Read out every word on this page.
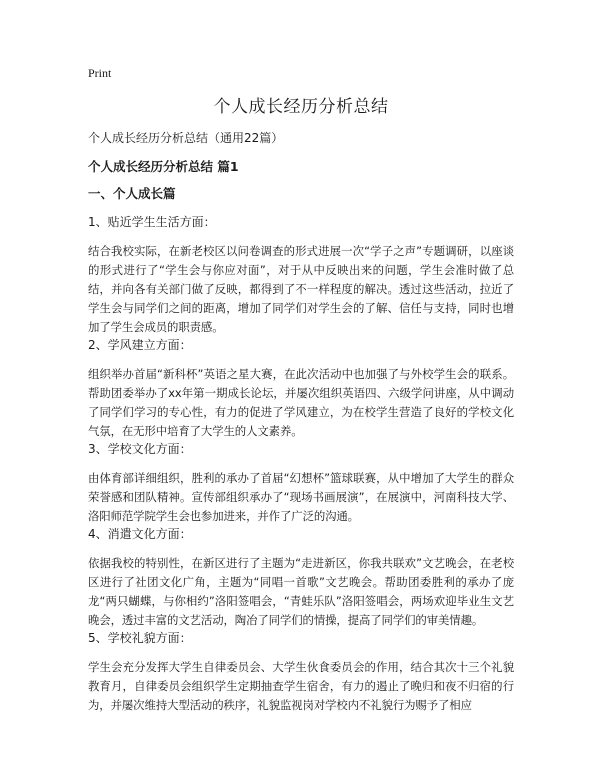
Print
个人成长经历分析总结
个人成长经历分析总结（通用22篇）
个人成长经历分析总结 篇1
一、个人成长篇
1、贴近学生生活方面：
结合我校实际，在新老校区以问卷调查的形式进展一次“学子之声”专题调研，以座谈的形式进行了“学生会与你应对面”，对于从中反映出来的问题，学生会准时做了总结，并向各有关部门做了反映，都得到了不一样程度的解决。透过这些活动，拉近了学生会与同学们之间的距离，增加了同学们对学生会的了解、信任与支持，同时也增加了学生会成员的职责感。
2、学风建立方面：
组织举办首届“新科杯”英语之星大赛，在此次活动中也加强了与外校学生会的联系。帮助团委举办了xx年第一期成长论坛，并屡次组织英语四、六级学问讲座，从中调动了同学们学习的专心性，有力的促进了学风建立，为在校学生营造了良好的学校文化气氛，在无形中培育了大学生的人文素养。
3、学校文化方面：
由体育部详细组织，胜利的承办了首届“幻想杯”篮球联赛，从中增加了大学生的群众荣誉感和团队精神。宣传部组织承办了“现场书画展演”，在展演中，河南科技大学、洛阳师范学院学生会也参加进来，并作了广泛的沟通。
4、消遣文化方面：
依据我校的特别性，在新区进行了主题为“走进新区，你我共联欢”文艺晚会，在老校区进行了社团文化广角，主题为“同唱一首歌”文艺晚会。帮助团委胜利的承办了庞龙“两只蝴蝶，与你相约”洛阳签唱会，“青蛙乐队”洛阳签唱会，两场欢迎毕业生文艺晚会，透过丰富的文艺活动，陶冶了同学们的情操，提高了同学们的审美情趣。
5、学校礼貌方面：
学生会充分发挥大学生自律委员会、大学生伙食委员会的作用，结合其次十三个礼貌教育月，自律委员会组织学生定期抽查学生宿舍，有力的遏止了晚归和夜不归宿的行为，并屡次维持大型活动的秩序，礼貌监视岗对学校内不礼貌行为赐予了相应
